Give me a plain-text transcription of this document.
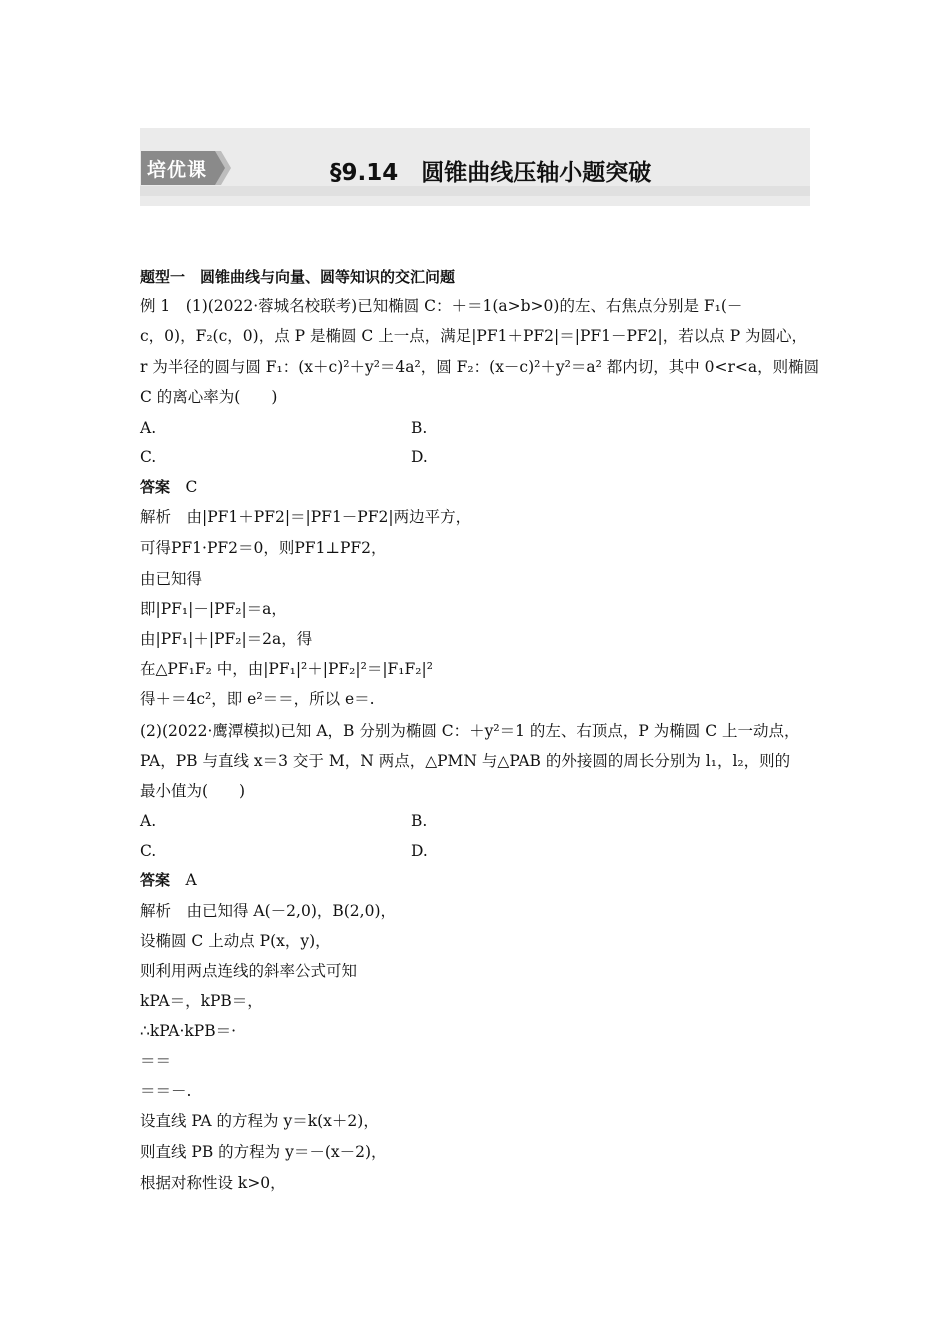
培优课	§9.14　圆锥曲线压轴小题突破
题型一　圆锥曲线与向量、圆等知识的交汇问题
例 1　(1)(2022·蓉城名校联考)已知椭圆 C：＋＝1(a>b>0)的左、右焦点分别是 F₁(－
c，0)，F₂(c，0)，点 P 是椭圆 C 上一点，满足|PF1＋PF2|＝|PF1－PF2|，若以点 P 为圆心，
r 为半径的圆与圆 F₁：(x＋c)²＋y²＝4a²，圆 F₂：(x－c)²＋y²＝a² 都内切，其中 0<r<a，则椭圆
C 的离心率为(　　)
A.	B.
C.	D.
答案　 C
解析　由|PF1＋PF2|＝|PF1－PF2|两边平方，
可得PF1·PF2＝0，则PF1⊥PF2，
由已知得
即|PF₁|－|PF₂|＝a，
由|PF₁|＋|PF₂|＝2a，得
在△PF₁F₂ 中，由|PF₁|²＋|PF₂|²＝|F₁F₂|²
得＋＝4c²，即 e²＝＝，所以 e＝.
(2)(2022·鹰潭模拟)已知 A，B 分别为椭圆 C：＋y²＝1 的左、右顶点，P 为椭圆 C 上一动点，
PA，PB 与直线 x＝3 交于 M，N 两点，△PMN 与△PAB 的外接圆的周长分别为 l₁，l₂，则的
最小值为(　　)
A.	B.
C.	D.
答案　 A
解析　由已知得 A(－2,0)，B(2,0)，
设椭圆 C 上动点 P(x，y)，
则利用两点连线的斜率公式可知
kPA＝，kPB＝，
∴kPA·kPB＝·
＝＝
＝＝－.
设直线 PA 的方程为 y＝k(x＋2)，
则直线 PB 的方程为 y＝－(x－2)，
根据对称性设 k>0，
